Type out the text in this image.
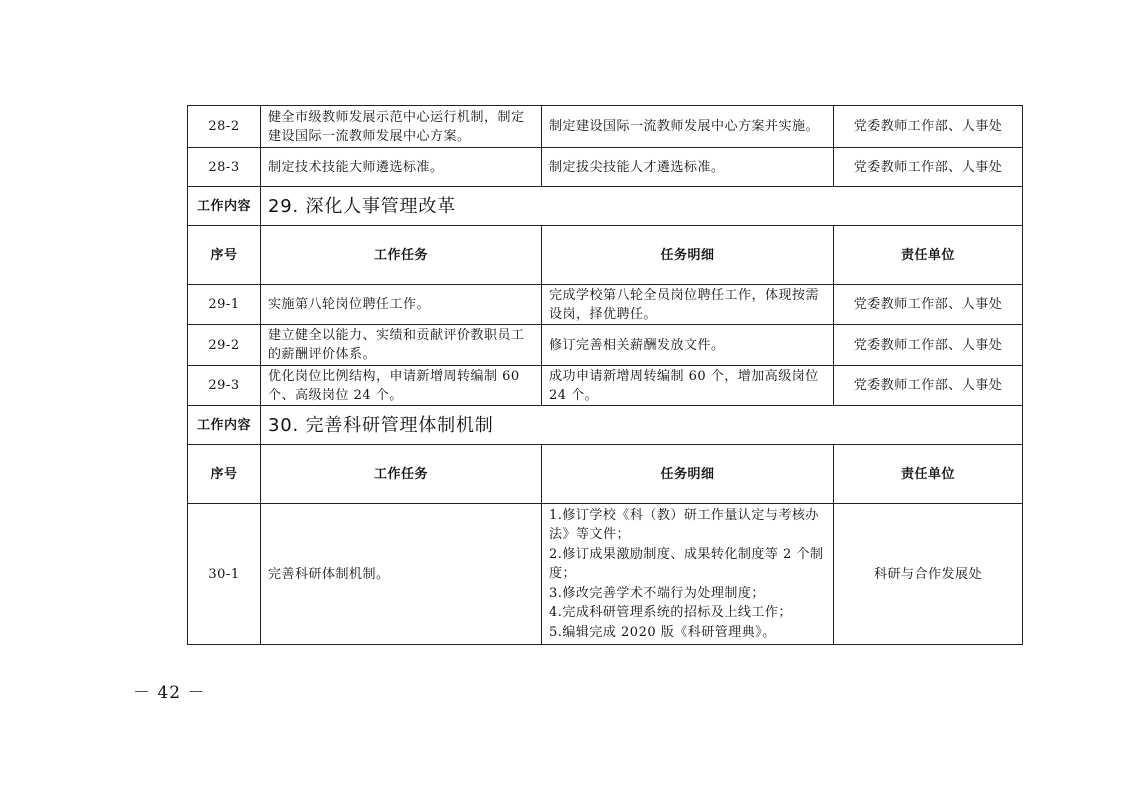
28-2	健全市级教师发展示范中心运行机制，制定建设国际一流教师发展中心方案。	制定建设国际一流教师发展中心方案并实施。	党委教师工作部、人事处
28-3	制定技术技能大师遴选标准。	制定拔尖技能人才遴选标准。	党委教师工作部、人事处
工作内容	29. 深化人事管理改革		
序号	工作任务	任务明细	责任单位
29-1	实施第八轮岗位聘任工作。	完成学校第八轮全员岗位聘任工作，体现按需设岗，择优聘任。	党委教师工作部、人事处
29-2	建立健全以能力、实绩和贡献评价教职员工的薪酬评价体系。	修订完善相关薪酬发放文件。	党委教师工作部、人事处
29-3	优化岗位比例结构，申请新增周转编制 60 个、高级岗位 24 个。	成功申请新增周转编制 60 个，增加高级岗位 24 个。	党委教师工作部、人事处
工作内容	30. 完善科研管理体制机制		
序号	工作任务	任务明细	责任单位
30-1	完善科研体制机制。	1.修订学校《科（教）研工作量认定与考核办法》等文件；
2.修订成果激励制度、成果转化制度等 2 个制度；
3.修改完善学术不端行为处理制度；
4.完成科研管理系统的招标及上线工作；
5.编辑完成 2020 版《科研管理典》。	科研与合作发展处
－ 42 －
